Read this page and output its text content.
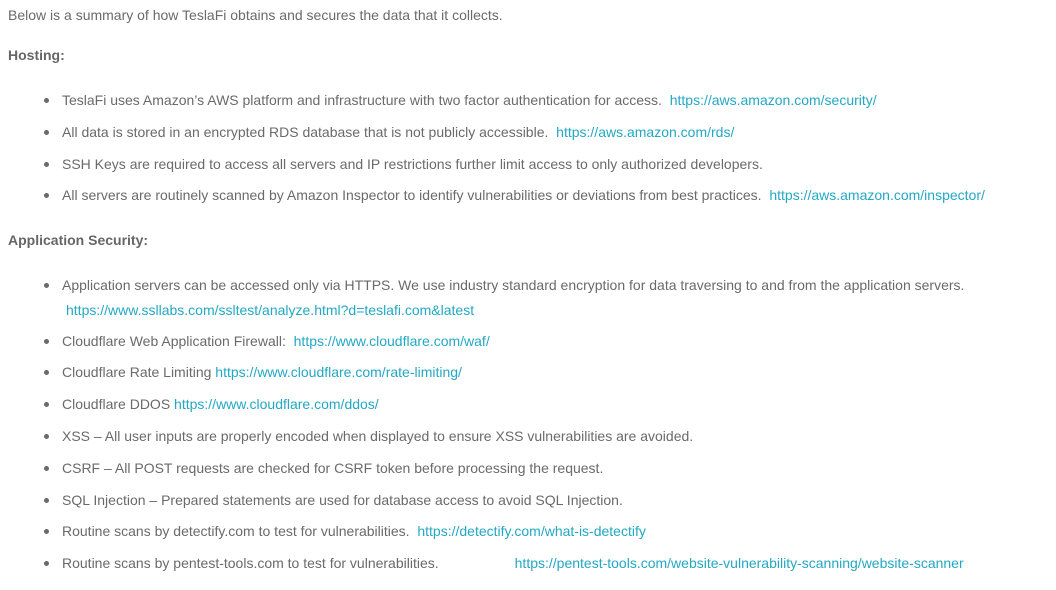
Below is a summary of how TeslaFi obtains and secures the data that it collects.
Hosting:
TeslaFi uses Amazon’s AWS platform and infrastructure with two factor authentication for access. https://aws.amazon.com/security/
All data is stored in an encrypted RDS database that is not publicly accessible. https://aws.amazon.com/rds/
SSH Keys are required to access all servers and IP restrictions further limit access to only authorized developers.
All servers are routinely scanned by Amazon Inspector to identify vulnerabilities or deviations from best practices. https://aws.amazon.com/inspector/
Application Security:
Application servers can be accessed only via HTTPS. We use industry standard encryption for data traversing to and from the application servers.
https://www.ssllabs.com/ssltest/analyze.html?d=teslafi.com&latest
Cloudflare Web Application Firewall: https://www.cloudflare.com/waf/
Cloudflare Rate Limiting https://www.cloudflare.com/rate-limiting/
Cloudflare DDOS https://www.cloudflare.com/ddos/
XSS – All user inputs are properly encoded when displayed to ensure XSS vulnerabilities are avoided.
CSRF – All POST requests are checked for CSRF token before processing the request.
SQL Injection – Prepared statements are used for database access to avoid SQL Injection.
Routine scans by detectify.com to test for vulnerabilities. https://detectify.com/what-is-detectify
Routine scans by pentest-tools.com to test for vulnerabilities.	https://pentest-tools.com/website-vulnerability-scanning/website-scanner
